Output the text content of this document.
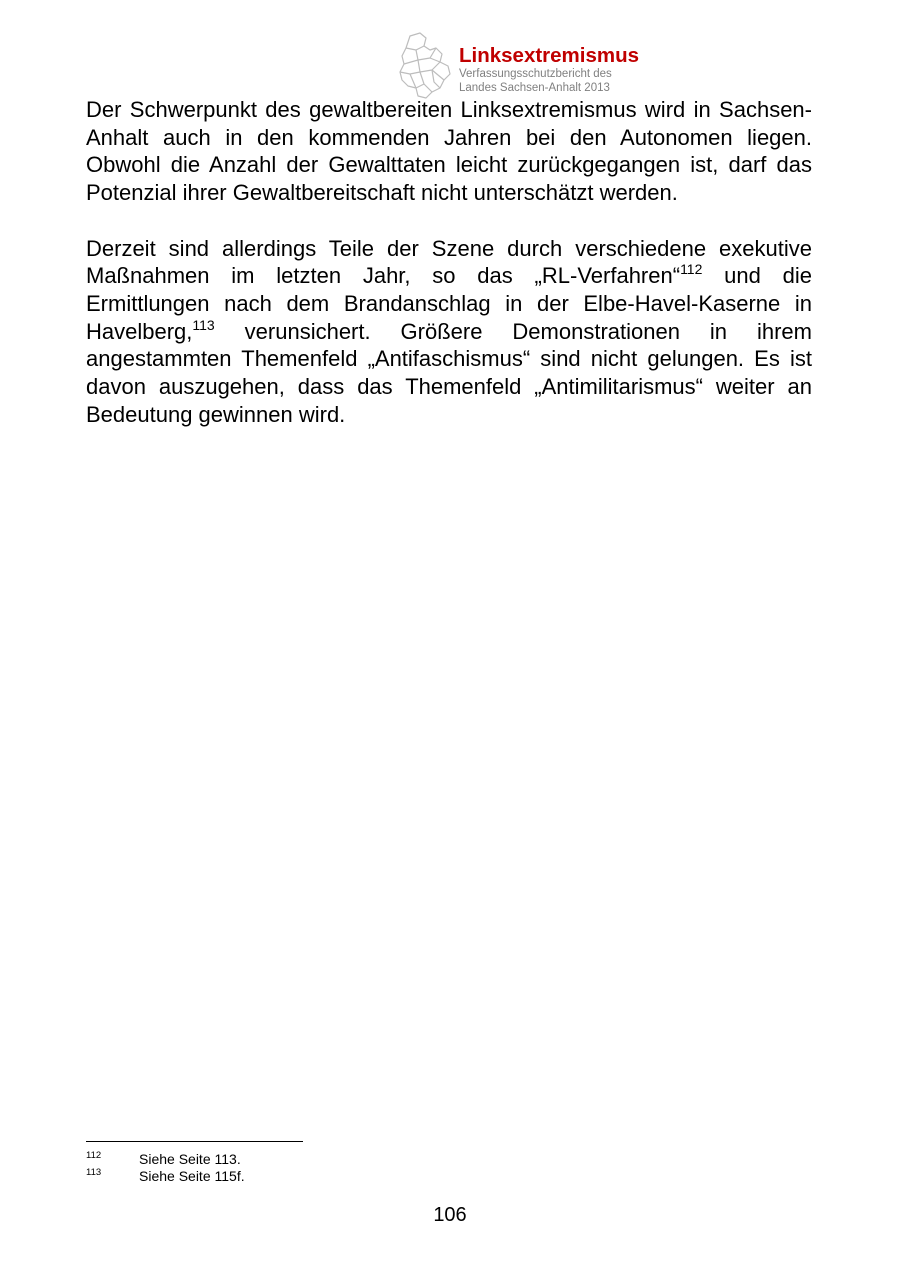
Linksextremismus
Verfassungsschutzbericht des
Landes Sachsen-Anhalt 2013

Der Schwerpunkt des gewaltbereiten Linksextremismus wird in Sachsen-Anhalt auch in den kommenden Jahren bei den Autonomen liegen. Obwohl die Anzahl der Gewalttaten leicht zurückgegangen ist, darf das Potenzial ihrer Gewaltbereitschaft nicht unterschätzt werden.

Derzeit sind allerdings Teile der Szene durch verschiedene exekutive Maßnahmen im letzten Jahr, so das „RL-Verfahren“$^{112}$ und die Ermittlungen nach dem Brandanschlag in der Elbe-Havel-Kaserne in Havelberg,$^{113}$ verunsichert. Größere Demonstrationen in ihrem angestammten Themenfeld „Antifaschismus“ sind nicht gelungen. Es ist davon auszugehen, dass das Themenfeld „Antimilitarismus“ weiter an Bedeutung gewinnen wird.

112	Siehe Seite 113.
113	Siehe Seite 115f.
106
